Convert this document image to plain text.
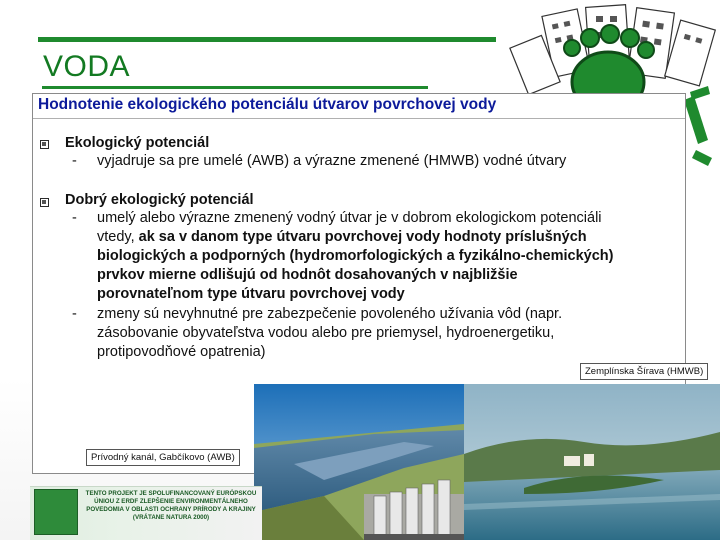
VODA
Hodnotenie ekologického potenciálu útvarov povrchovej vody
Ekologický potenciál
- vyjadruje sa pre umelé (AWB) a výrazne zmenené (HMWB) vodné útvary
Dobrý ekologický potenciál
- umelý alebo výrazne zmenený vodný útvar je v dobrom ekologickom potenciáli
vtedy, ak sa v danom type útvaru povrchovej vody hodnoty príslušných
biologických a podporných (hydromorfologických a fyzikálno-chemických)
prvkov mierne odlišujú od hodnôt dosahovaných v najbližšie
porovnateľnom type útvaru povrchovej vody
- zmeny sú nevyhnutné pre zabezpečenie povoleného užívania vôd (napr.
zásobovanie obyvateľstva vodou alebo pre priemysel, hydroenergetiku,
protipovodňové opatrenia)
Zemplínska Šírava (HMWB)
Prívodný kanál, Gabčíkovo (AWB)
TENTO PROJEKT JE SPOLUFINANCOVANÝ EURÓPSKOU ÚNIOU Z ERDF ZLEPŠENIE ENVIRONMENTÁLNEHO POVEDOMIA V OBLASTI OCHRANY PRÍRODY A KRAJINY (VRÁTANE NATURA 2000)
